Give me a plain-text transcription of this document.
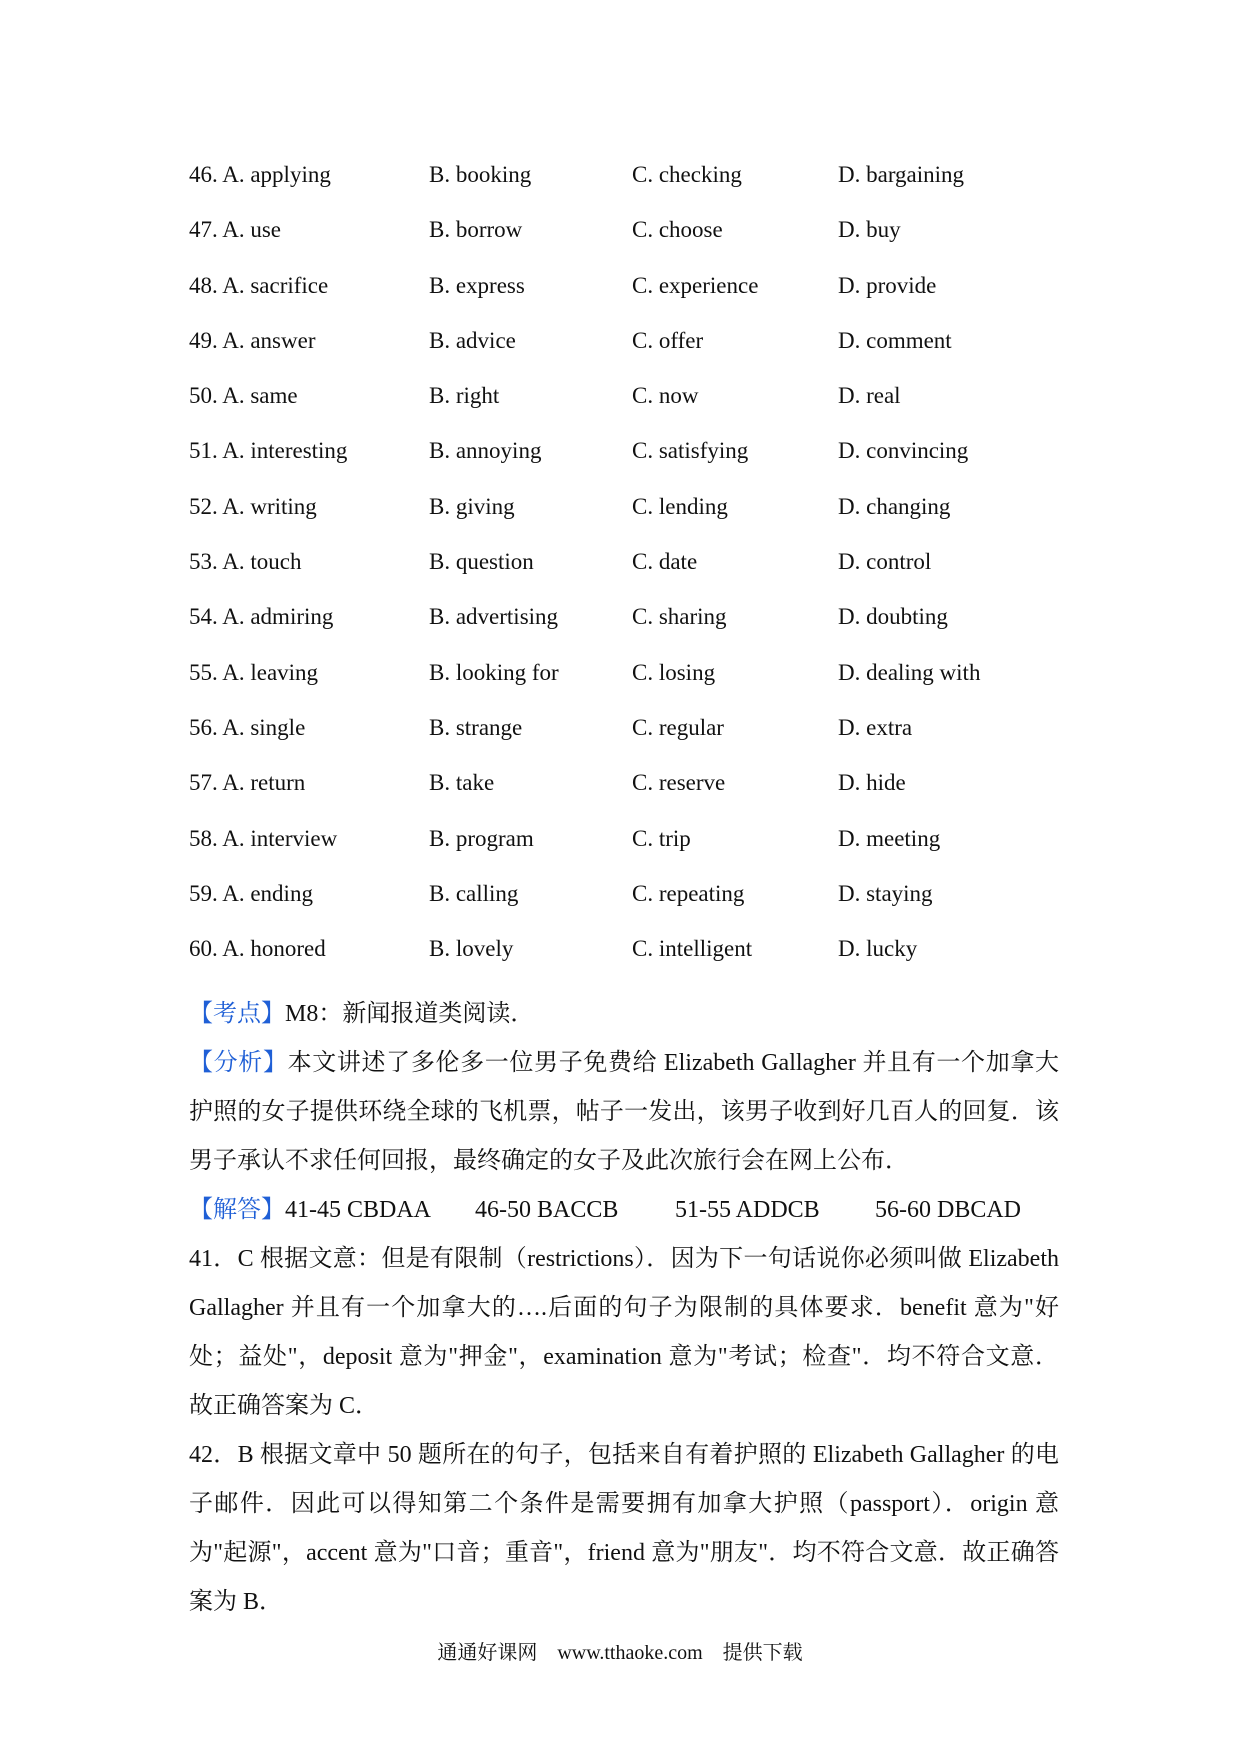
46. A. applying	B. booking	C. checking	D. bargaining
47. A. use	B. borrow	C. choose	D. buy
48. A. sacrifice	B. express	C. experience	D. provide
49. A. answer	B. advice	C. offer	D. comment
50. A. same	B. right	C. now	D. real
51. A. interesting	B. annoying	C. satisfying	D. convincing
52. A. writing	B. giving	C. lending	D. changing
53. A. touch	B. question	C. date	D. control
54. A. admiring	B. advertising	C. sharing	D. doubting
55. A. leaving	B. looking for	C. losing	D. dealing with
56. A. single	B. strange	C. regular	D. extra
57. A. return	B. take	C. reserve	D. hide
58. A. interview	B. program	C. trip	D. meeting
59. A. ending	B. calling	C. repeating	D. staying
60. A. honored	B. lovely	C. intelligent	D. lucky

【考点】M8：新闻报道类阅读．

【分析】本文讲述了多伦多一位男子免费给 Elizabeth Gallagher 并且有一个加拿大护照的女子提供环绕全球的飞机票，帖子一发出，该男子收到好几百人的回复．该男子承认不求任何回报，最终确定的女子及此次旅行会在网上公布．

【解答】 41-45 CBDAA	46-50 BACCB	51-55 ADDCB	56-60 DBCAD

41．C 根据文意：但是有限制（restrictions）．因为下一句话说你必须叫做 Elizabeth Gallagher 并且有一个加拿大的….后面的句子为限制的具体要求．benefit 意为"好处；益处"，deposit 意为"押金"，examination 意为"考试；检查"．均不符合文意．故正确答案为 C．

42．B 根据文章中 50 题所在的句子，包括来自有着护照的 Elizabeth Gallagher 的电子邮件．因此可以得知第二个条件是需要拥有加拿大护照（passport）．origin 意为"起源"，accent 意为"口音；重音"，friend 意为"朋友"．均不符合文意．故正确答案为 B．

通通好课网　www.tthaoke.com　提供下载
